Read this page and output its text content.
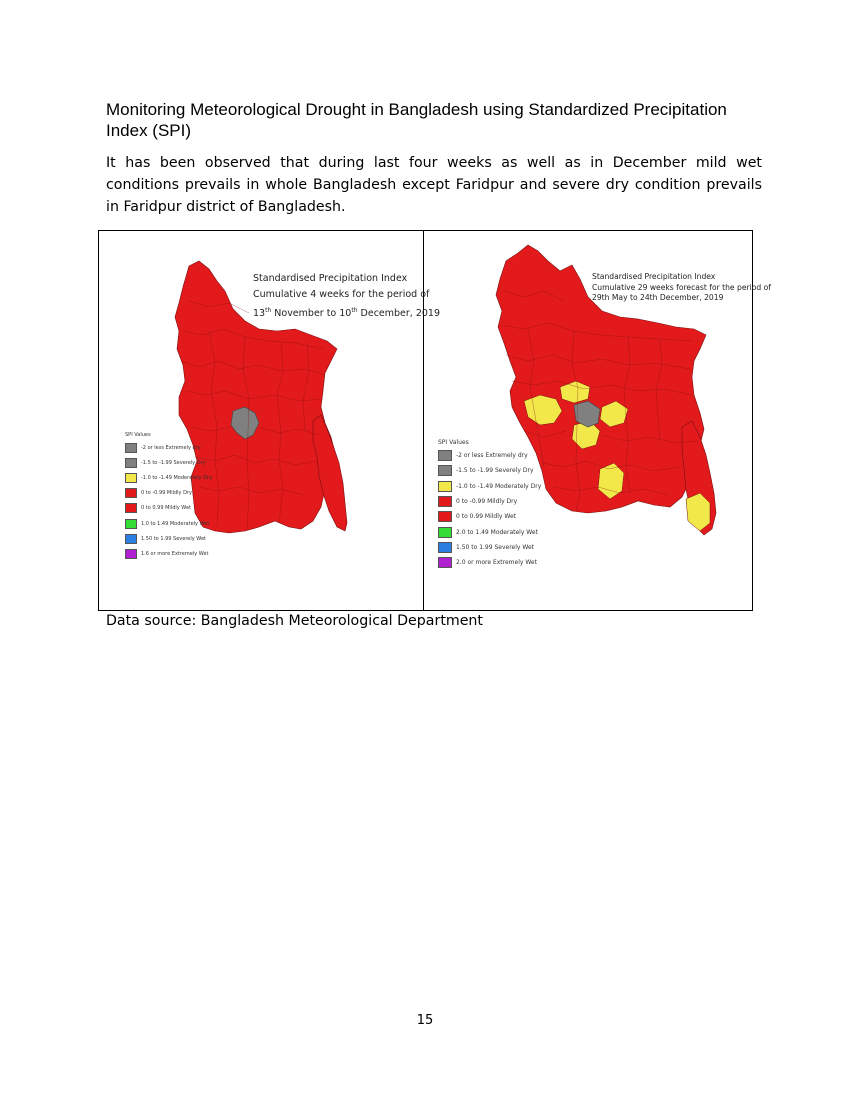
Monitoring Meteorological Drought in Bangladesh using Standardized Precipitation Index (SPI)
It has been observed that during last four weeks as well as in December mild wet conditions prevails in whole Bangladesh except Faridpur and severe dry condition prevails in Faridpur district of Bangladesh.
Standardised Precipitation Index
Cumulative 4 weeks for the period of
13th November to 10th December, 2019
SPI Values
-2 or less Extremely dry
-1.5 to -1.99 Severely Dry
-1.0 to -1.49 Moderately Dry
0 to -0.99 Mildly Dry
0 to 0.99 Mildly Wet
1.0 to 1.49 Moderately Wet
1.50 to 1.99 Severely Wet
1.6 or more Extremely Wet
Standardised Precipitation Index
Cumulative 29 weeks forecast for the period of
29th May to 24th December, 2019
SPI Values
-2 or less Extremely dry
-1.5 to -1.99 Severely Dry
-1.0 to -1.49 Moderately Dry
0 to -0.99 Mildly Dry
0 to 0.99 Mildly Wet
2.0 to 1.49 Moderately Wet
1.50 to 1.99 Severely Wet
2.0 or more Extremely Wet
Data source: Bangladesh Meteorological Department
15
